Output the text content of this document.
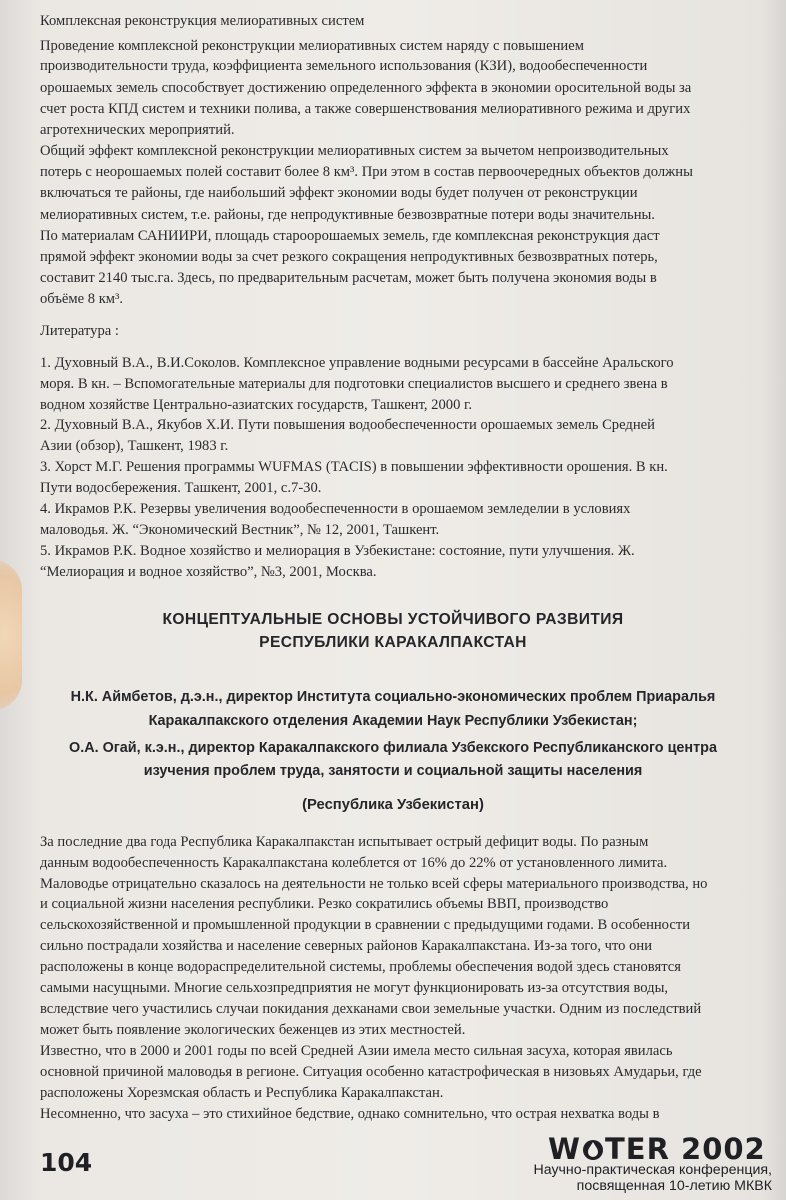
Комплексная реконструкция мелиоративных систем
Проведение комплексной реконструкции мелиоративных систем наряду с повышением
производительности труда, коэффициента земельного использования (КЗИ), водообеспеченности
орошаемых земель способствует достижению определенного эффекта в экономии оросительной воды за
счет роста КПД систем и техники полива, а также совершенствования мелиоративного режима и других
агротехнических мероприятий.
Общий эффект комплексной реконструкции мелиоративных систем за вычетом непроизводительных
потерь с неорошаемых полей составит более 8 км³. При этом в состав первоочередных объектов должны
включаться те районы, где наибольший эффект экономии воды будет получен от реконструкции
мелиоративных систем, т.е. районы, где непродуктивные безвозвратные потери воды значительны.
По материалам САНИИРИ, площадь староорошаемых земель, где комплексная реконструкция даст
прямой эффект экономии воды за счет резкого сокращения непродуктивных безвозвратных потерь,
составит 2140 тыс.га. Здесь, по предварительным расчетам, может быть получена экономия воды в
объёме 8 км³.
Литература :
1. Духовный В.А., В.И.Соколов. Комплексное управление водными ресурсами в бассейне Аральского
моря. В кн. – Вспомогательные материалы для подготовки специалистов высшего и среднего звена в
водном хозяйстве Центрально-азиатских государств, Ташкент, 2000 г.
2. Духовный В.А., Якубов Х.И. Пути повышения водообеспеченности орошаемых земель Средней
Азии (обзор), Ташкент, 1983 г.
3. Хорст М.Г. Решения программы WUFMAS (TACIS) в повышении эффективности орошения. В кн.
Пути водосбережения. Ташкент, 2001, с.7-30.
4. Икрамов Р.К. Резервы увеличения водообеспеченности в орошаемом земледелии в условиях
маловодья. Ж. “Экономический Вестник”, № 12, 2001, Ташкент.
5. Икрамов Р.К. Водное хозяйство и мелиорация в Узбекистане: состояние, пути улучшения. Ж.
“Мелиорация и водное хозяйство”, №3, 2001, Москва.
КОНЦЕПТУАЛЬНЫЕ ОСНОВЫ УСТОЙЧИВОГО РАЗВИТИЯ
РЕСПУБЛИКИ КАРАКАЛПАКСТАН
Н.К. Аймбетов, д.э.н., директор Института социально-экономических проблем Приаралья
Каракалпакского отделения Академии Наук Республики Узбекистан;
О.А. Огай, к.э.н., директор Каракалпакского филиала Узбекского Республиканского центра
изучения проблем труда, занятости и социальной защиты населения
(Республика Узбекистан)
За последние два года Республика Каракалпакстан испытывает острый дефицит воды. По разным
данным водообеспеченность Каракалпакстана колеблется от 16% до 22% от установленного лимита.
Маловодье отрицательно сказалось на деятельности не только всей сферы материального производства, но
и социальной жизни населения республики. Резко сократились объемы ВВП, производство
сельскохозяйственной и промышленной продукции в сравнении с предыдущими годами. В особенности
сильно пострадали хозяйства и население северных районов Каракалпакстана. Из-за того, что они
расположены в конце водораспределительной системы, проблемы обеспечения водой здесь становятся
самыми насущными. Многие сельхозпредприятия не могут функционировать из-за отсутствия воды,
вследствие чего участились случаи покидания дехканами свои земельные участки. Одним из последствий
может быть появление экологических беженцев из этих местностей.
Известно, что в 2000 и 2001 годы по всей Средней Азии имела место сильная засуха, которая явилась
основной причиной маловодья в регионе. Ситуация особенно катастрофическая в низовьях Амударьи, где
расположены Хорезмская область и Республика Каракалпакстан.
Несомненно, что засуха – это стихийное бедствие, однако сомнительно, что острая нехватка воды в
104	W TER 2002
Научно-практическая конференция,
посвященная 10-летию МКВК
